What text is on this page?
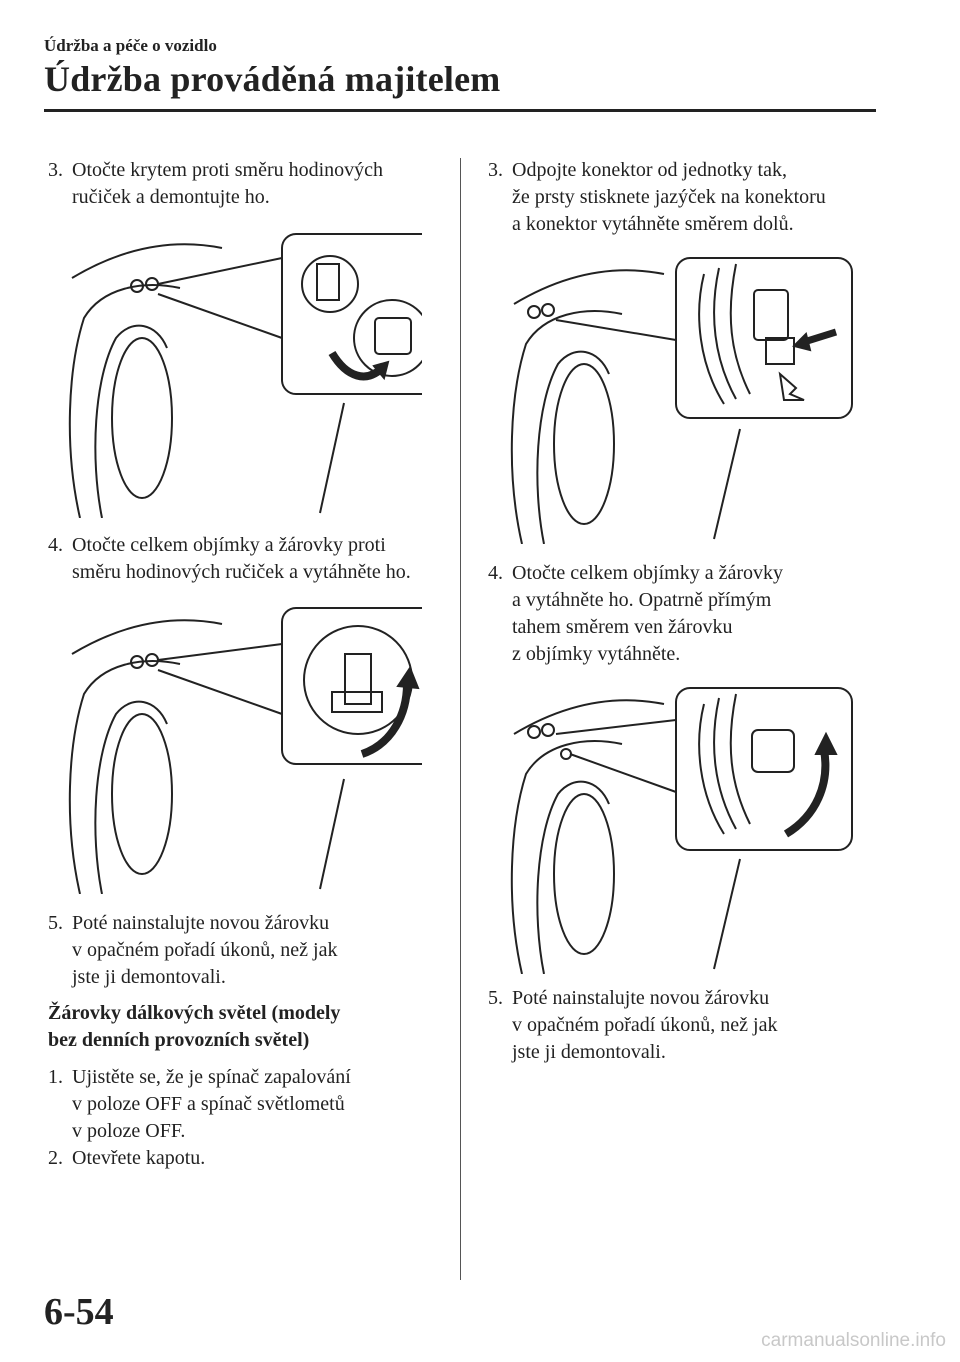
Údržba a péče o vozidlo
Údržba prováděná majitelem
3. Otočte krytem proti směru hodinových
ručiček a demontujte ho.
4. Otočte celkem objímky a žárovky proti
směru hodinových ručiček a vytáhněte ho.
5. Poté nainstalujte novou žárovku
v opačném pořadí úkonů, než jak
jste ji demontovali.
Žárovky dálkových světel (modely
bez denních provozních světel)
1. Ujistěte se, že je spínač zapalování
v poloze OFF a spínač světlometů
v poloze OFF.
2. Otevřete kapotu.
3. Odpojte konektor od jednotky tak,
že prsty stisknete jazýček na konektoru
a konektor vytáhněte směrem dolů.
4. Otočte celkem objímky a žárovky
a vytáhněte ho. Opatrně přímým
tahem směrem ven žárovku
z objímky vytáhněte.
5. Poté nainstalujte novou žárovku
v opačném pořadí úkonů, než jak
jste ji demontovali.
6-54
carmanualsonline.info
